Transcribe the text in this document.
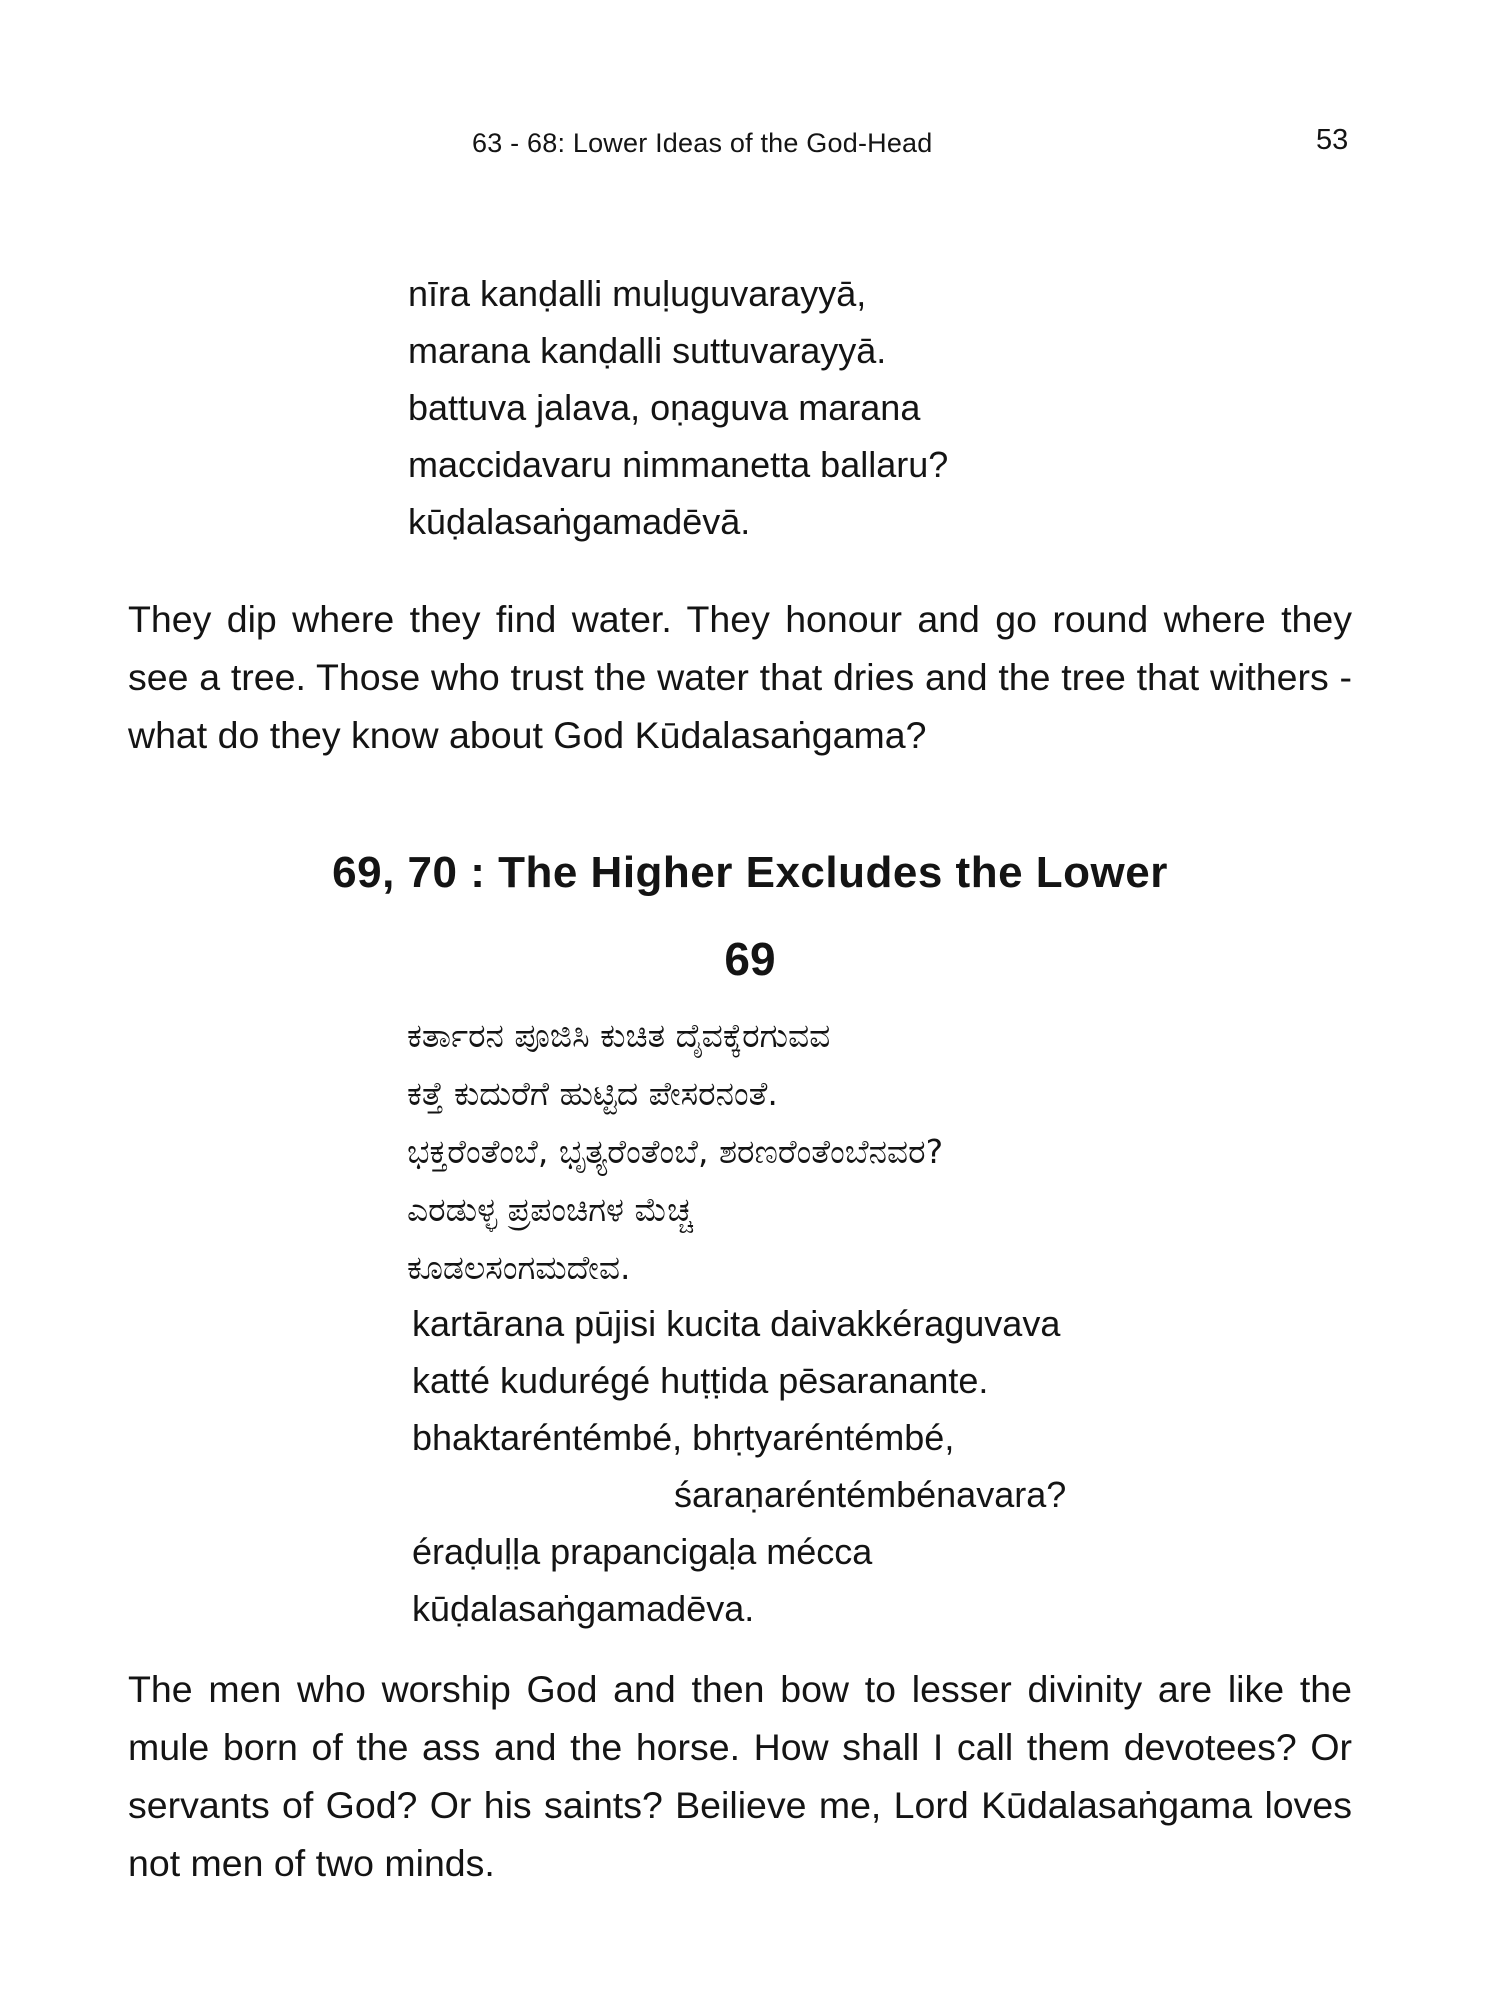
63 - 68: Lower Ideas of the God-Head	53
nīra kanḍalli muḷuguvarayyā,
marana kanḍalli suttuvarayyā.
battuva jalava, oṇaguva marana
maccidavaru nimmanetta ballaru?
kūḍalasaṅgamadēvā.

They dip where they find water. They honour and go round where they see a tree. Those who trust the water that dries and the tree that withers - what do they know about God Kūdalasaṅgama?

69, 70 : The Higher Excludes the Lower
69
ಕರ್ತಾರನ ಪೂಜಿಸಿ ಕುಚಿತ ದೈವಕ್ಕೆರಗುವವ
ಕತ್ತೆ ಕುದುರೆಗೆ ಹುಟ್ಟಿದ ಪೇಸರನಂತೆ.
ಭಕ್ತರೆಂತೆಂಬೆ, ಭೃತ್ಯರೆಂತೆಂಬೆ, ಶರಣರೆಂತೆಂಬೆನವರ?
ಎರಡುಳ್ಳ ಪ್ರಪಂಚಿಗಳ ಮೆಚ್ಚ
ಕೂಡಲಸಂಗಮದೇವ.
kartārana pūjisi kucita daivakkéraguvava
katté kudurégé huṭṭida pēsaranante.
bhaktaréntémbé, bhṛtyaréntémbé,
śaraṇaréntémbénavara?
éraḍuḷḷa prapancigaḷa mécca
kūḍalasaṅgamadēva.

The men who worship God and then bow to lesser divinity are like the mule born of the ass and the horse. How shall I call them devotees? Or servants of God? Or his saints? Beilieve me, Lord Kūdalasaṅgama loves not men of two minds.
